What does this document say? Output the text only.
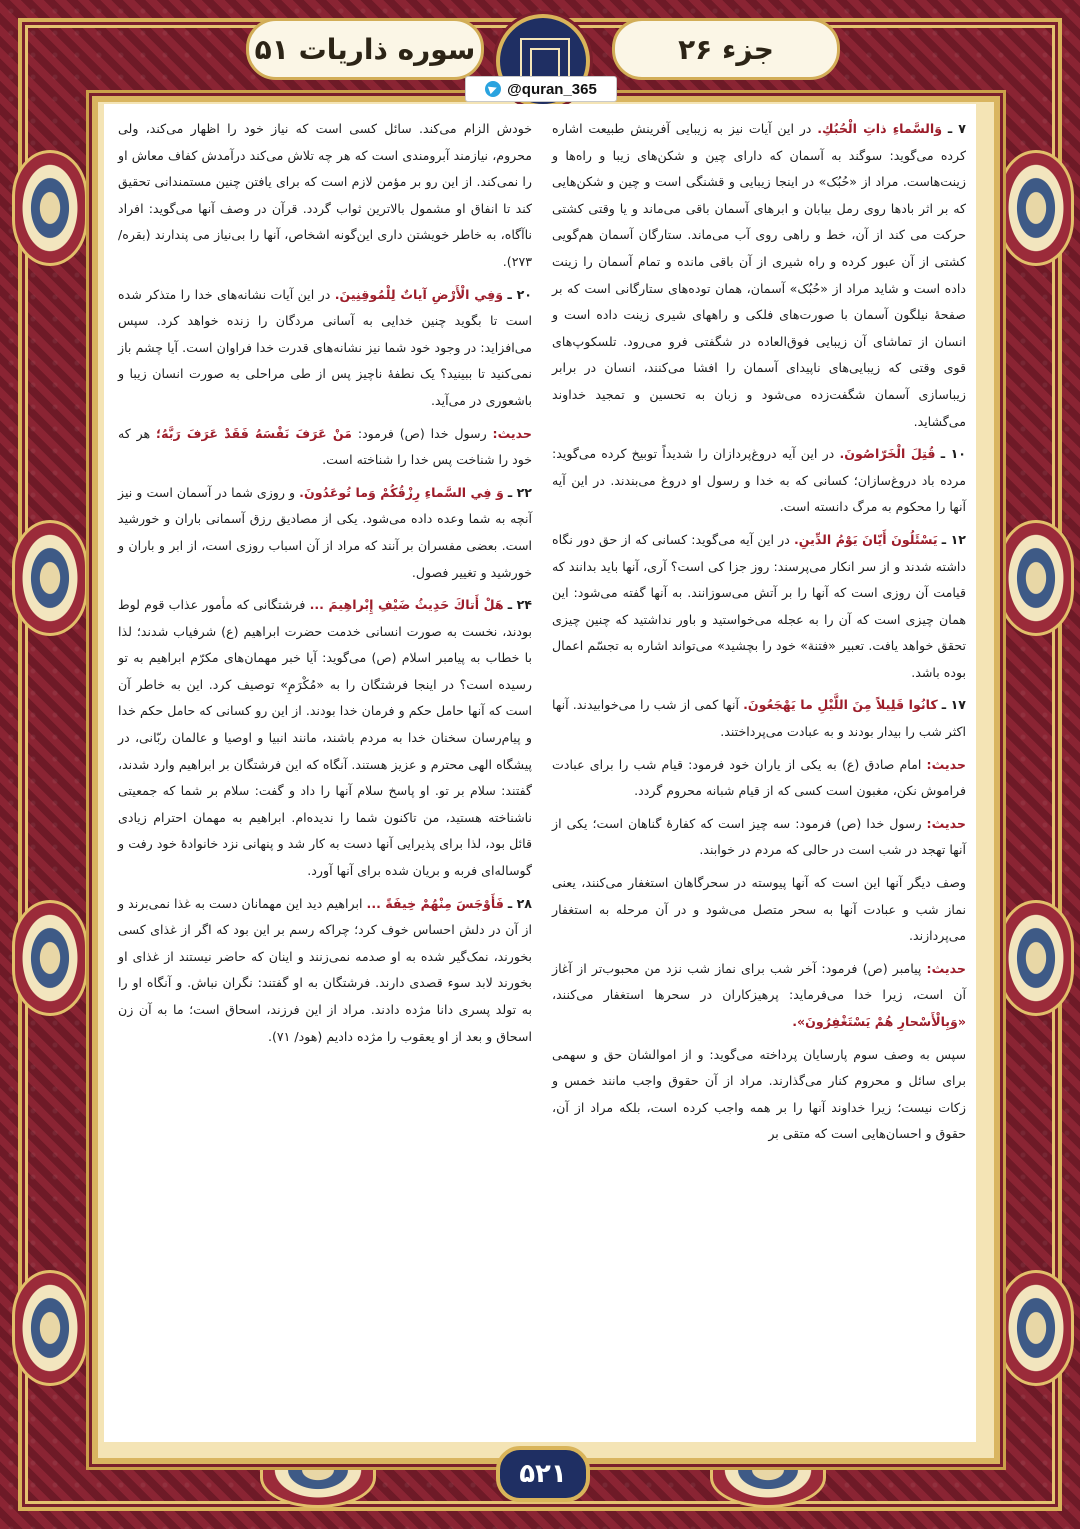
جزء ۲۶
سوره ذاریات ۵۱
@quran_365

۷ ـ وَالسَّماءِ ذاتِ الْحُبُكِ. در این آیات نیز به زیبایی آفرینش طبیعت اشاره کرده می‌گوید: سوگند به آسمان که دارای چین و شکن‌های زیبا و راه‌ها و زینت‌هاست. مراد از «حُبُک» در اینجا زیبایی و قشنگی است و چین و شکن‌هایی که بر اثر بادها روی رمل بیابان و ابرهای آسمان باقی می‌ماند و یا وقتی کشتی حرکت می کند از آن، خط و راهی روی آب می‌ماند. ستارگان آسمان هم‌گویی کشتی از آن عبور کرده و راه شیری از آن باقی مانده و تمام آسمان را زینت داده است و شاید مراد از «حُبُک» آسمان، همان توده‌های ستارگانی است که بر صفحهٔ نیلگون آسمان با صورت‌های فلکی و راههای شیری زینت داده است و انسان از تماشای آن زیبایی فوق‌العاده در شگفتی فرو می‌رود. تلسکوپ‌های قوی وقتی که زیبایی‌های ناپیدای آسمان را افشا می‌کنند، انسان در برابر زیباسازی آسمان شگفت‌زده می‌شود و زبان به تحسین و تمجید خداوند می‌گشاید.

۱۰ ـ قُتِلَ الْخَرّاصُونَ. در این آیه دروغ‌پردازان را شدیداً توبیخ کرده می‌گوید: مرده باد دروغ‌سازان؛ کسانی که به خدا و رسول او دروغ می‌بندند. در این آیه آنها را محکوم به مرگ دانسته است.

۱۲ ـ يَسْئَلُونَ أَيّانَ يَوْمُ الدِّينِ. در این آیه می‌گوید: کسانی که از حق دور نگاه داشته شدند و از سر انکار می‌پرسند: روز جزا کی است؟ آری، آنها باید بدانند که قیامت آن روزی است که آنها را بر آتش می‌سوزانند. به آنها گفته می‌شود: این همان چیزی است که آن را به عجله می‌خواستید و باور نداشتید که چنین چیزی تحقق خواهد یافت. تعبیر «فتنة» خود را بچشید» می‌تواند اشاره به تجسّم اعمال بوده باشد.

۱۷ ـ كانُوا قَلِيلاً مِنَ اللَّيْلِ ما يَهْجَعُونَ. آنها کمی از شب را می‌خوابیدند. آنها اکثر شب را بیدار بودند و به عبادت می‌پرداختند.

حدیث: امام صادق (ع) به یکی از یاران خود فرمود: قیام شب را برای عبادت فراموش نکن، مغبون است کسی که از قیام شبانه محروم گردد.

حدیث: رسول خدا (ص) فرمود: سه چیز است که کفارهٔ گناهان است؛ یکی از آنها تهجد در شب است در حالی که مردم در خوابند.

وصف دیگر آنها این است که آنها پیوسته در سحرگاهان استغفار می‌کنند، یعنی نماز شب و عبادت آنها به سحر متصل می‌شود و در آن مرحله به استغفار می‌پردازند.

حدیث: پیامبر (ص) فرمود: آخر شب برای نماز شب نزد من محبوب‌تر از آغاز آن است، زیرا خدا می‌فرماید: پرهیزکاران در سحرها استغفار می‌کنند، «وَبِالْأَسْحارِ هُمْ يَسْتَغْفِرُونَ».

سپس به وصف سوم پارسایان پرداخته می‌گوید: و از اموالشان حق و سهمی برای سائل و محروم کنار می‌گذارند. مراد از آن حقوق واجب مانند خمس و زکات نیست؛ زیرا خداوند آنها را بر همه واجب کرده است، بلکه مراد از آن، حقوق و احسان‌هایی است که متقی بر

خودش الزام می‌کند. سائل کسی است که نیاز خود را اظهار می‌کند، ولی محروم، نیازمند آبرومندی است که هر چه تلاش می‌کند درآمدش کفاف معاش او را نمی‌کند. از این رو بر مؤمن لازم است که برای یافتن چنین مستمندانی تحقیق کند تا انفاق او مشمول بالاترین ثواب گردد. قرآن در وصف آنها می‌گوید: افراد ناآگاه، به خاطر خویشتن داری این‌گونه اشخاص، آنها را بی‌نیاز می پندارند (بقره/ ۲۷۳).

۲۰ ـ وَفِي الْأَرْضِ آياتٌ لِلْمُوقِنِينَ. در این آیات نشانه‌های خدا را متذکر شده است تا بگوید چنین خدایی به آسانی مردگان را زنده خواهد کرد. سپس می‌افزاید: در وجود خود شما نیز نشانه‌های قدرت خدا فراوان است. آیا چشم باز نمی‌کنید تا ببینید؟ یک نطفهٔ ناچیز پس از طی مراحلی به صورت انسان زیبا و باشعوری در می‌آید.

حدیث: رسول خدا (ص) فرمود: مَنْ عَرَفَ نَفْسَهُ فَقَدْ عَرَفَ رَبَّهُ؛ هر که خود را شناخت پس خدا را شناخته است.

۲۲ ـ وَ فِي السَّماءِ رِزْقُكُمْ وَما تُوعَدُونَ. و روزی شما در آسمان است و نیز آنچه به شما وعده داده می‌شود. یکی از مصادیق رزق آسمانی باران و خورشید است. بعضی مفسران بر آنند که مراد از آن اسباب روزی است، از ابر و باران و خورشید و تغییر فصول.

۲۴ ـ هَلْ أَتاكَ حَدِيثُ ضَيْفِ إِبْراهِيمَ ... فرشتگانی که مأمور عذاب قوم لوط بودند، نخست به صورت انسانی خدمت حضرت ابراهیم (ع) شرفیاب شدند؛ لذا با خطاب به پیامبر اسلام (ص) می‌گوید: آیا خبر مهمان‌های مکرّم ابراهیم به تو رسیده است؟ در اینجا فرشتگان را به «مُكْرَمِ» توصیف کرد. این به خاطر آن است که آنها حامل حکم و فرمان خدا بودند. از این رو کسانی که حامل حکم خدا و پیام‌رسان سخنان خدا به مردم باشند، مانند انبیا و اوصیا و عالمان ربّانی، در پیشگاه الهی محترم و عزیز هستند. آنگاه که این فرشتگان بر ابراهیم وارد شدند، گفتند: سلام بر تو. او پاسخ سلام آنها را داد و گفت: سلام بر شما که جمعیتی ناشناخته هستید، من تاکنون شما را ندیده‌ام. ابراهیم به مهمان احترام زیادی قائل بود، لذا برای پذیرایی آنها دست به کار شد و پنهانی نزد خانوادهٔ خود رفت و گوساله‌ای فربه و بریان شده برای آنها آورد.

۲۸ ـ فَأَوْجَسَ مِنْهُمْ خِيفَةً ... ابراهیم دید این مهمانان دست به غذا نمی‌برند و از آن در دلش احساس خوف کرد؛ چراکه رسم بر این بود که اگر از غذای کسی بخورند، نمک‌گیر شده به او صدمه نمی‌زنند و اینان که حاضر نیستند از غذای او بخورند لابد سوء قصدی دارند. فرشتگان به او گفتند: نگران نباش. و آنگاه او را به تولد پسری دانا مژده دادند. مراد از این فرزند، اسحاق است؛ ما به آن زن اسحاق و بعد از او یعقوب را مژده دادیم (هود/ ۷۱).

۵۲۱
